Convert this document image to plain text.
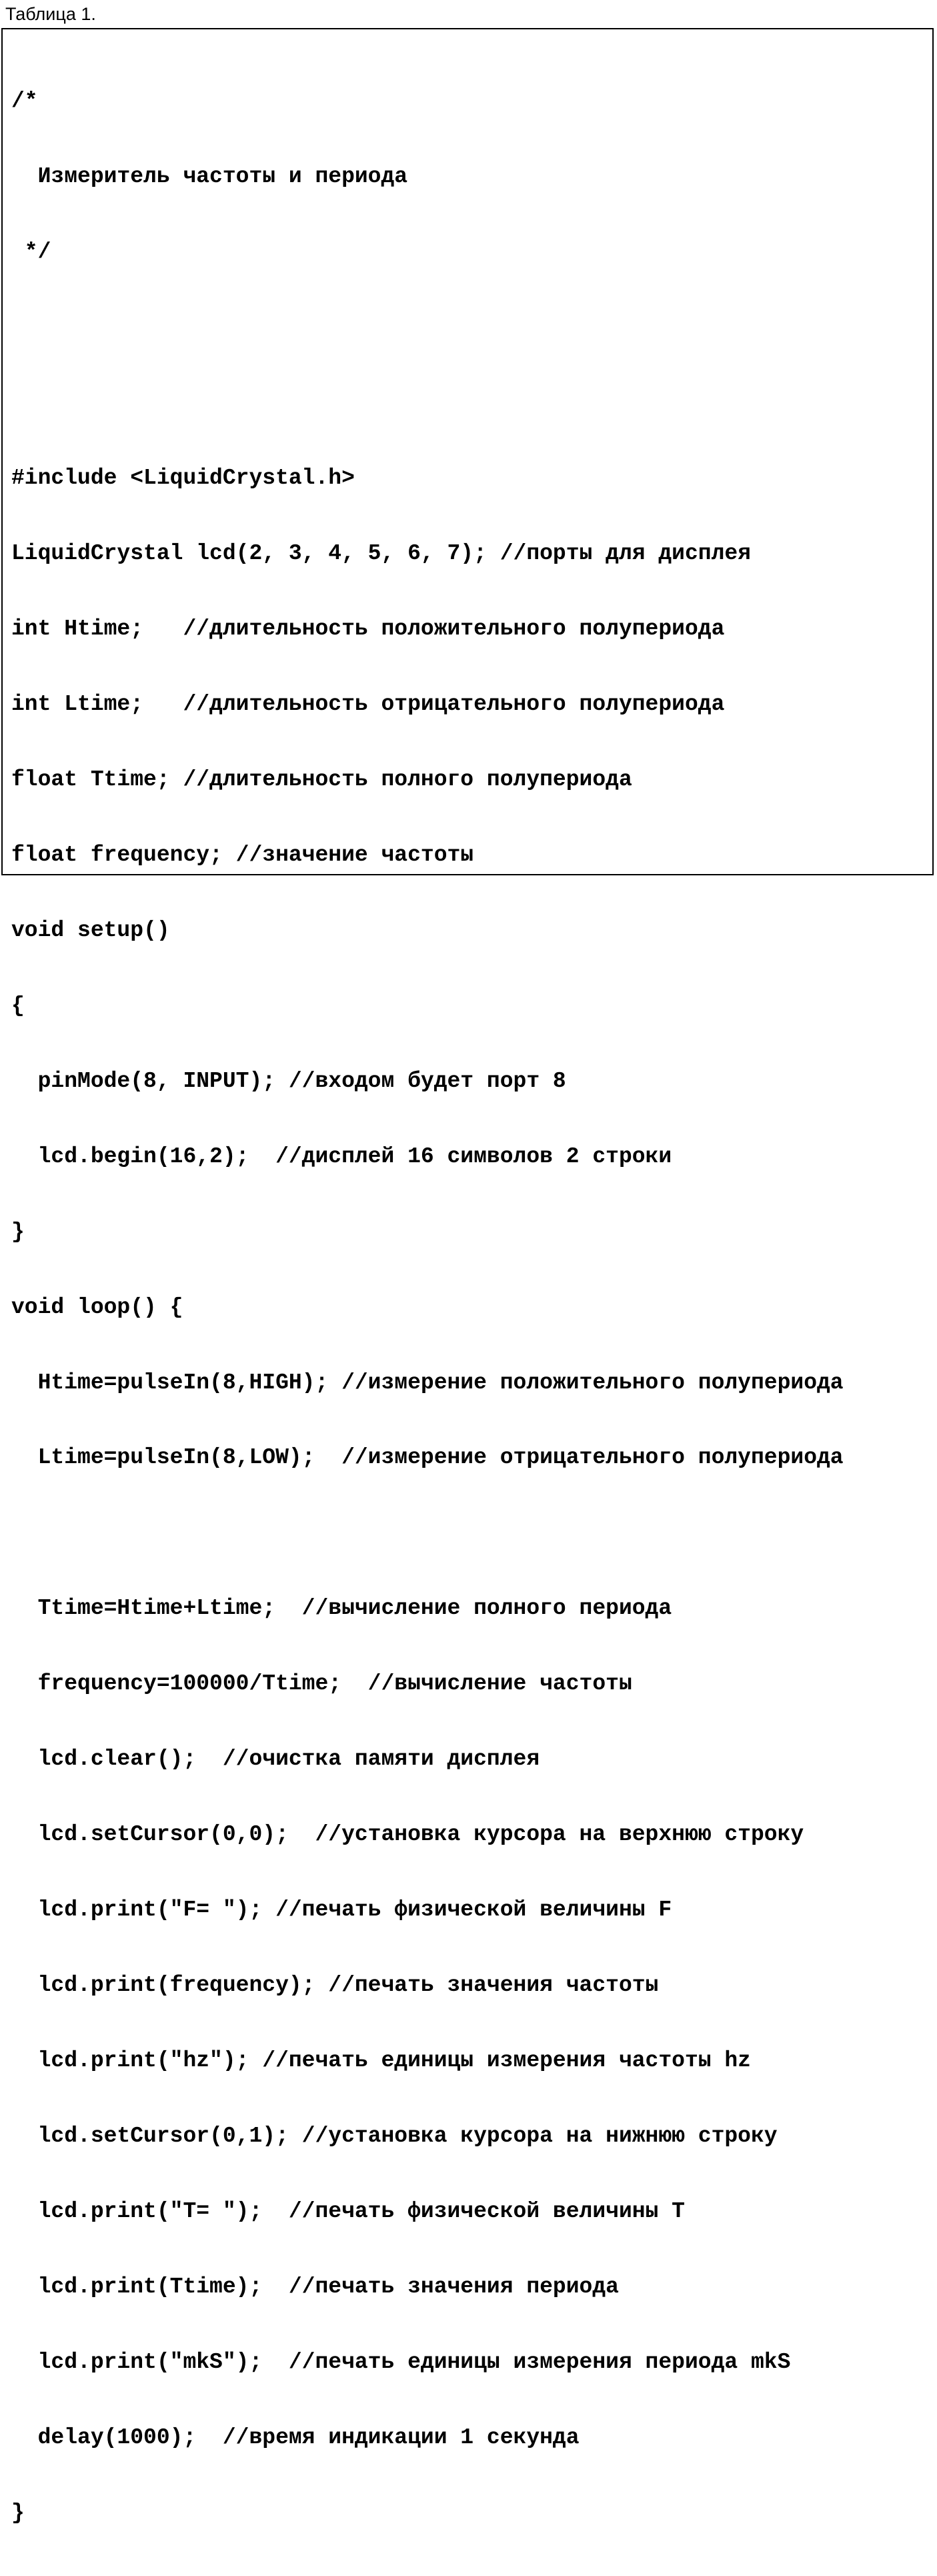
Таблица 1.

/*

Измеритель частоты и периода

*/

#include <LiquidCrystal.h>

LiquidCrystal lcd(2, 3, 4, 5, 6, 7); //порты для дисплея

int Htime;   //длительность положительного полупериода

int Ltime;   //длительность отрицательного полупериода

float Ttime; //длительность полного полупериода

float frequency; //значение частоты

void setup()

{

pinMode(8, INPUT); //входом будет порт 8

lcd.begin(16,2);  //дисплей 16 символов 2 строки

}

void loop() {

Htime=pulseIn(8,HIGH); //измерение положительного полупериода

Ltime=pulseIn(8,LOW);  //измерение отрицательного полупериода

Ttime=Htime+Ltime;  //вычисление полного периода

frequency=100000/Ttime;  //вычисление частоты

lcd.clear();  //очистка памяти дисплея

lcd.setCursor(0,0);  //установка курсора на верхнюю строку

lcd.print("F= "); //печать физической величины F

lcd.print(frequency); //печать значения частоты

lcd.print("hz"); //печать единицы измерения частоты hz

lcd.setCursor(0,1); //установка курсора на нижнюю строку

lcd.print("T= ");  //печать физической величины T

lcd.print(Ttime);  //печать значения периода

lcd.print("mkS");  //печать единицы измерения периода mkS

delay(1000);  //время индикации 1 секунда

}
